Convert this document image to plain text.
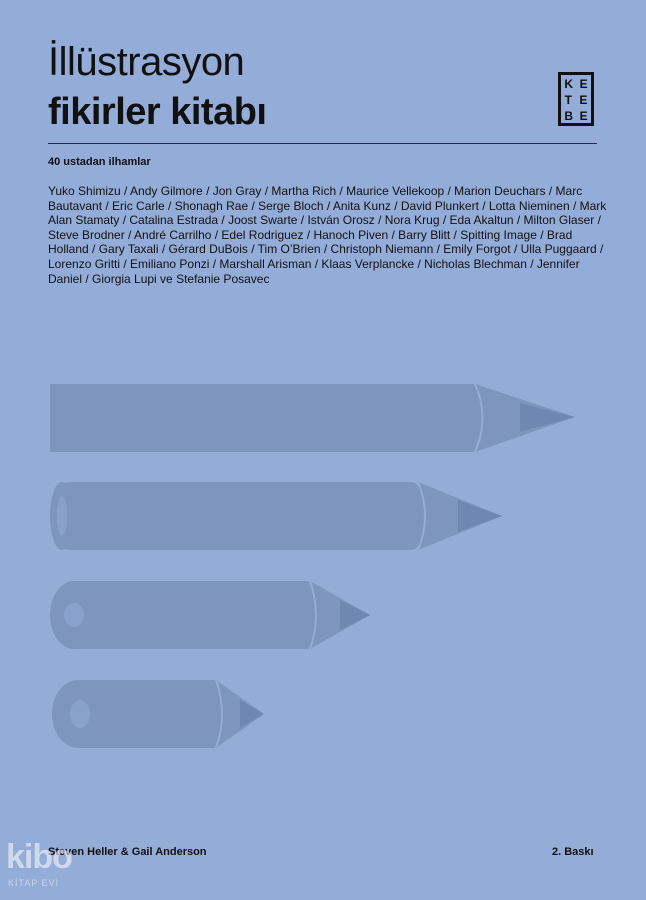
İllüstrasyon
fikirler kitabı
K E
T E
B E
40 ustadan ilhamlar
Yuko Shimizu / Andy Gilmore / Jon Gray / Martha Rich / Maurice Vellekoop / Marion Deuchars / Marc Bautavant / Eric Carle / Shonagh Rae / Serge Bloch / Anita Kunz / David Plunkert / Lotta Nieminen / Mark Alan Stamaty / Catalina Estrada / Joost Swarte / István Orosz / Nora Krug / Eda Akaltun / Milton Glaser / Steve Brodner / André Carrilho / Edel Rodriguez / Hanoch Piven / Barry Blitt / Spitting Image / Brad Holland / Gary Taxali / Gérard DuBois / Tim O’Brien / Christoph Niemann / Emily Forgot / Ulla Puggaard / Lorenzo Gritti / Emiliano Ponzi / Marshall Arisman / Klaas Verplancke / Nicholas Blechman / Jennifer Daniel / Giorgia Lupi ve Stefanie Posavec
Steven Heller & Gail Anderson	2. Baskı
kibo
KİTAP EVİ
